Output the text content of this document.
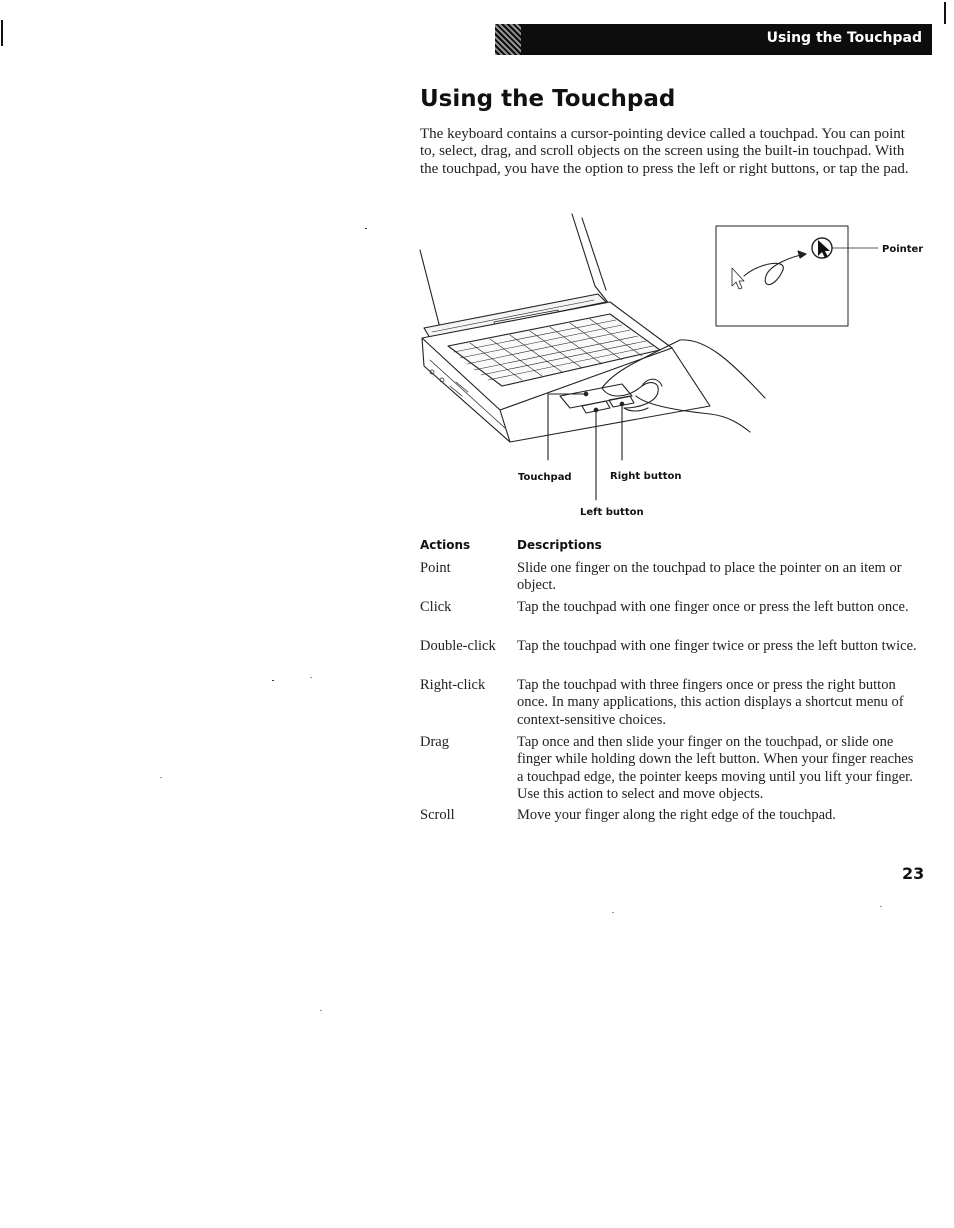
Using the Touchpad
Using the Touchpad

The keyboard contains a cursor-pointing device called a touchpad. You can point to, select, drag, and scroll objects on the screen using the built-in touchpad. With the touchpad, you have the option to press the left or right buttons, or tap the pad.

Pointer
Touchpad	Right button
Left button
Actions	Descriptions
Point	Slide one finger on the touchpad to place the pointer on an item or object.
Click	Tap the touchpad with one finger once or press the left button once.
Double-click Tap the touchpad with one finger twice or press the left button twice.
Right-click Tap the touchpad with three fingers once or press the right button once. In many applications, this action displays a shortcut menu of context-sensitive choices.
Drag	Tap once and then slide your finger on the touchpad, or slide one finger while holding down the left button. When your finger reaches a touchpad edge, the pointer keeps moving until you lift your finger. Use this action to select and move objects.
Scroll	Move your finger along the right edge of the touchpad.
23
